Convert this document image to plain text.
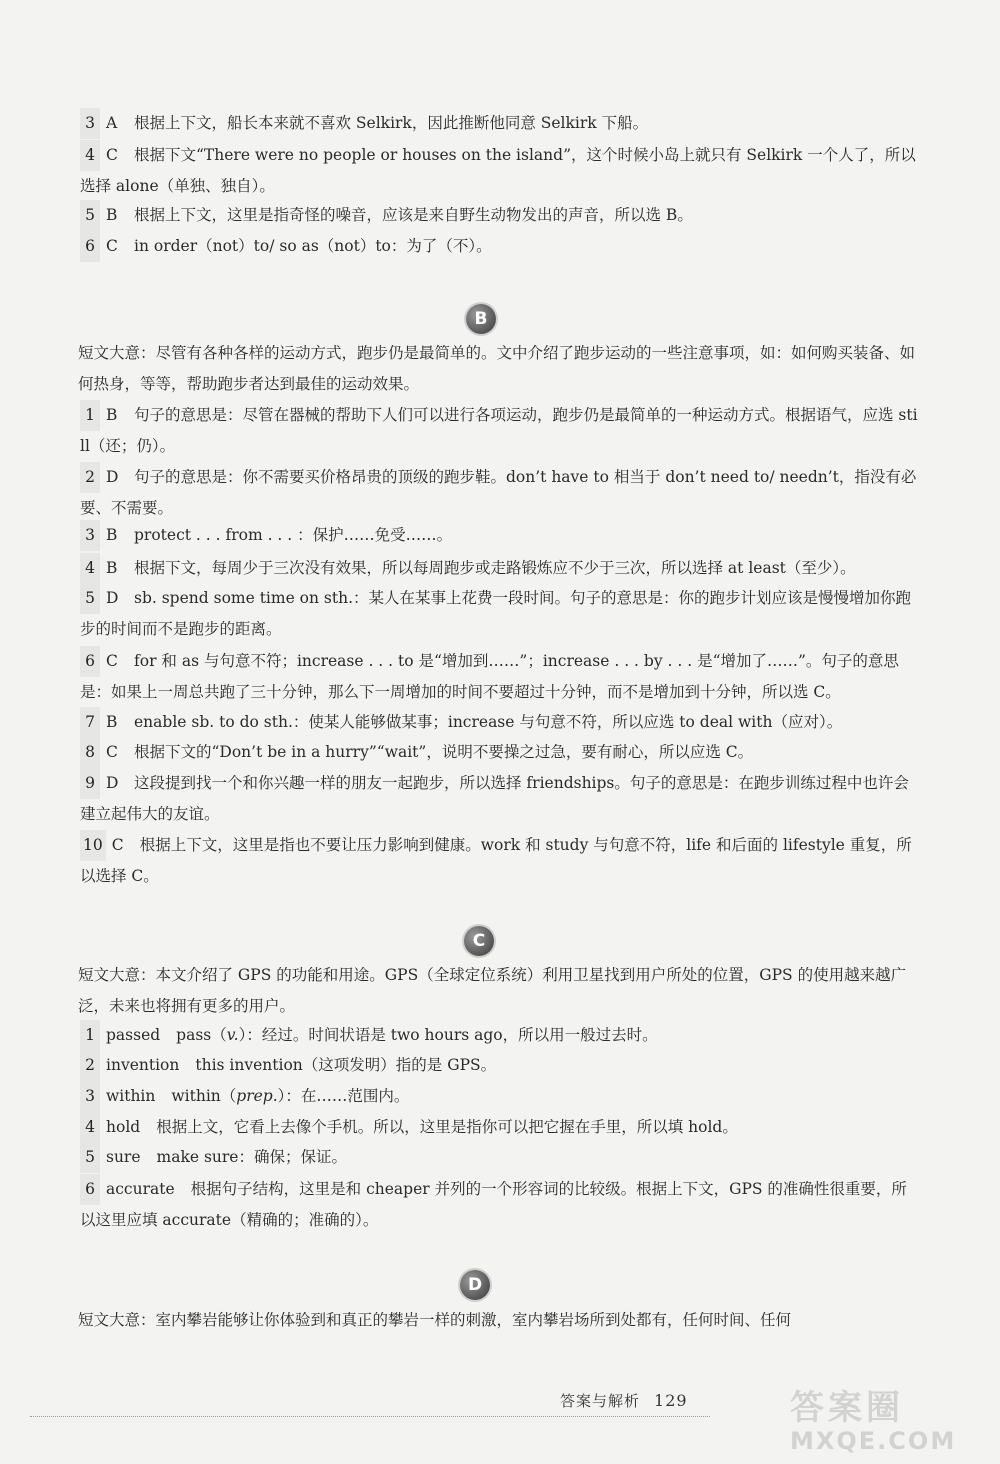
3 A 根据上下文，船长本来就不喜欢 Selkirk，因此推断他同意 Selkirk 下船。
4 C 根据下文“There were no people or houses on the island”，这个时候小岛上就只有 Selkirk 一个人了，所以选择 alone（单独、独自）。
5 B 根据上下文，这里是指奇怪的噪音，应该是来自野生动物发出的声音，所以选 B。
6 C in order（not）to/ so as（not）to：为了（不）。
B
短文大意：尽管有各种各样的运动方式，跑步仍是最简单的。文中介绍了跑步运动的一些注意事项，如：如何购买装备、如何热身，等等，帮助跑步者达到最佳的运动效果。
1 B 句子的意思是：尽管在器械的帮助下人们可以进行各项运动，跑步仍是最简单的一种运动方式。根据语气，应选 still（还；仍）。
2 D 句子的意思是：你不需要买价格昂贵的顶级的跑步鞋。don’t have to 相当于 don’t need to/ needn’t，指没有必要、不需要。
3 B protect . . . from . . . ：保护……免受……。
4 B 根据下文，每周少于三次没有效果，所以每周跑步或走路锻炼应不少于三次，所以选择 at least（至少）。
5 D sb. spend some time on sth.：某人在某事上花费一段时间。句子的意思是：你的跑步计划应该是慢慢增加你跑步的时间而不是跑步的距离。
6 C for 和 as 与句意不符；increase . . . to 是“增加到……”；increase . . . by . . . 是“增加了……”。句子的意思是：如果上一周总共跑了三十分钟，那么下一周增加的时间不要超过十分钟，而不是增加到十分钟，所以选 C。
7 B enable sb. to do sth.：使某人能够做某事；increase 与句意不符，所以应选 to deal with（应对）。
8 C 根据下文的“Don’t be in a hurry”“wait”，说明不要操之过急，要有耐心，所以应选 C。
9 D 这段提到找一个和你兴趣一样的朋友一起跑步，所以选择 friendships。句子的意思是：在跑步训练过程中也许会建立起伟大的友谊。
10 C 根据上下文，这里是指也不要让压力影响到健康。work 和 study 与句意不符，life 和后面的 lifestyle 重复，所以选择 C。
C
短文大意：本文介绍了 GPS 的功能和用途。GPS（全球定位系统）利用卫星找到用户所处的位置，GPS 的使用越来越广泛，未来也将拥有更多的用户。
1 passed pass（v.）：经过。时间状语是 two hours ago，所以用一般过去时。
2 invention this invention（这项发明）指的是 GPS。
3 within within（prep.）：在……范围内。
4 hold 根据上文，它看上去像个手机。所以，这里是指你可以把它握在手里，所以填 hold。
5 sure make sure：确保；保证。
6 accurate 根据句子结构，这里是和 cheaper 并列的一个形容词的比较级。根据上下文，GPS 的准确性很重要，所以这里应填 accurate（精确的；准确的）。
D
短文大意：室内攀岩能够让你体验到和真正的攀岩一样的刺激，室内攀岩场所到处都有，任何时间、任何
答案与解析 129	答案圈
MXQE.COM
